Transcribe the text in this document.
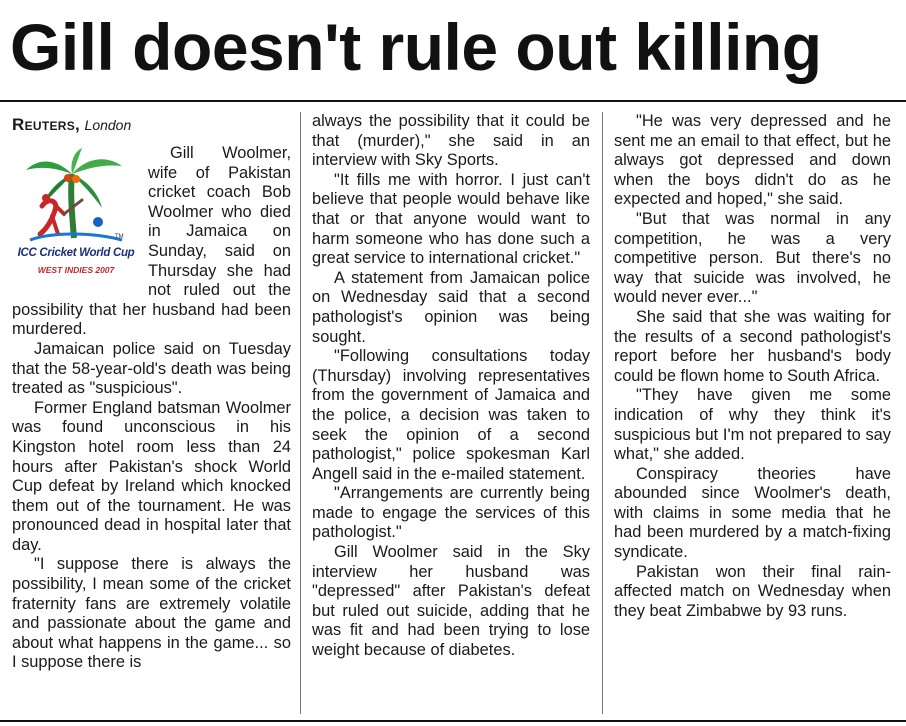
Gill doesn't rule out killing
Reuters, London
TM
ICC Cricket World Cup
WEST INDIES 2007

Gill Woolmer, wife of Pakistan cricket coach Bob Woolmer who died in Jamaica on Sunday, said on Thursday she had not ruled out the possibility that her husband had been murdered.

Jamaican police said on Tuesday that the 58-year-old's death was being treated as "suspicious".

Former England batsman Woolmer was found unconscious in his Kingston hotel room less than 24 hours after Pakistan's shock World Cup defeat by Ireland which knocked them out of the tournament. He was pronounced dead in hospital later that day.

"I suppose there is always the possibility, I mean some of the cricket fraternity fans are extremely volatile and passionate about the game and about what happens in the game... so I suppose there is

always the possibility that it could be that (murder)," she said in an interview with Sky Sports.

"It fills me with horror. I just can't believe that people would behave like that or that anyone would want to harm someone who has done such a great service to international cricket."

A statement from Jamaican police on Wednesday said that a second pathologist's opinion was being sought.

"Following consultations today (Thursday) involving representatives from the government of Jamaica and the police, a decision was taken to seek the opinion of a second pathologist," police spokesman Karl Angell said in the e-mailed statement.

"Arrangements are currently being made to engage the services of this pathologist."

Gill Woolmer said in the Sky interview her husband was "depressed" after Pakistan's defeat but ruled out suicide, adding that he was fit and had been trying to lose weight because of diabetes.

"He was very depressed and he sent me an email to that effect, but he always got depressed and down when the boys didn't do as he expected and hoped," she said.

"But that was normal in any competition, he was a very competitive person. But there's no way that suicide was involved, he would never ever..."

She said that she was waiting for the results of a second pathologist's report before her husband's body could be flown home to South Africa.

"They have given me some indication of why they think it's suspicious but I'm not prepared to say what," she added.

Conspiracy theories have abounded since Woolmer's death, with claims in some media that he had been murdered by a match-fixing syndicate.

Pakistan won their final rain-affected match on Wednesday when they beat Zimbabwe by 93 runs.
